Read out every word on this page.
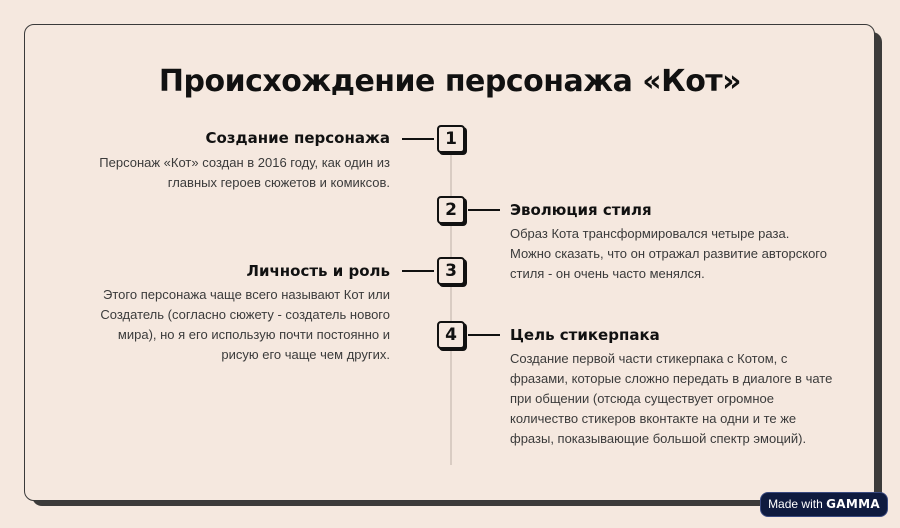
Происхождение персонажа «Кот»
Создание персонажа	1
Персонаж «Кот» создан в 2016 году, как один из главных героев сюжетов и комиксов.
2	Эволюция стиля
Образ Кота трансформировался четыре раза. Можно сказать, что он отражал развитие авторского стиля - он очень часто менялся.
Личность и роль	3
Этого персонажа чаще всего называют Кот или Создатель (согласно сюжету - создатель нового мира), но я его использую почти постоянно и рисую его чаще чем других.
4	Цель стикерпака
Создание первой части стикерпака с Котом, с фразами, которые сложно передать в диалоге в чате при общении (отсюда существует огромное количество стикеров вконтакте на одни и те же фразы, показывающие большой спектр эмоций).
Made with GAMMA
